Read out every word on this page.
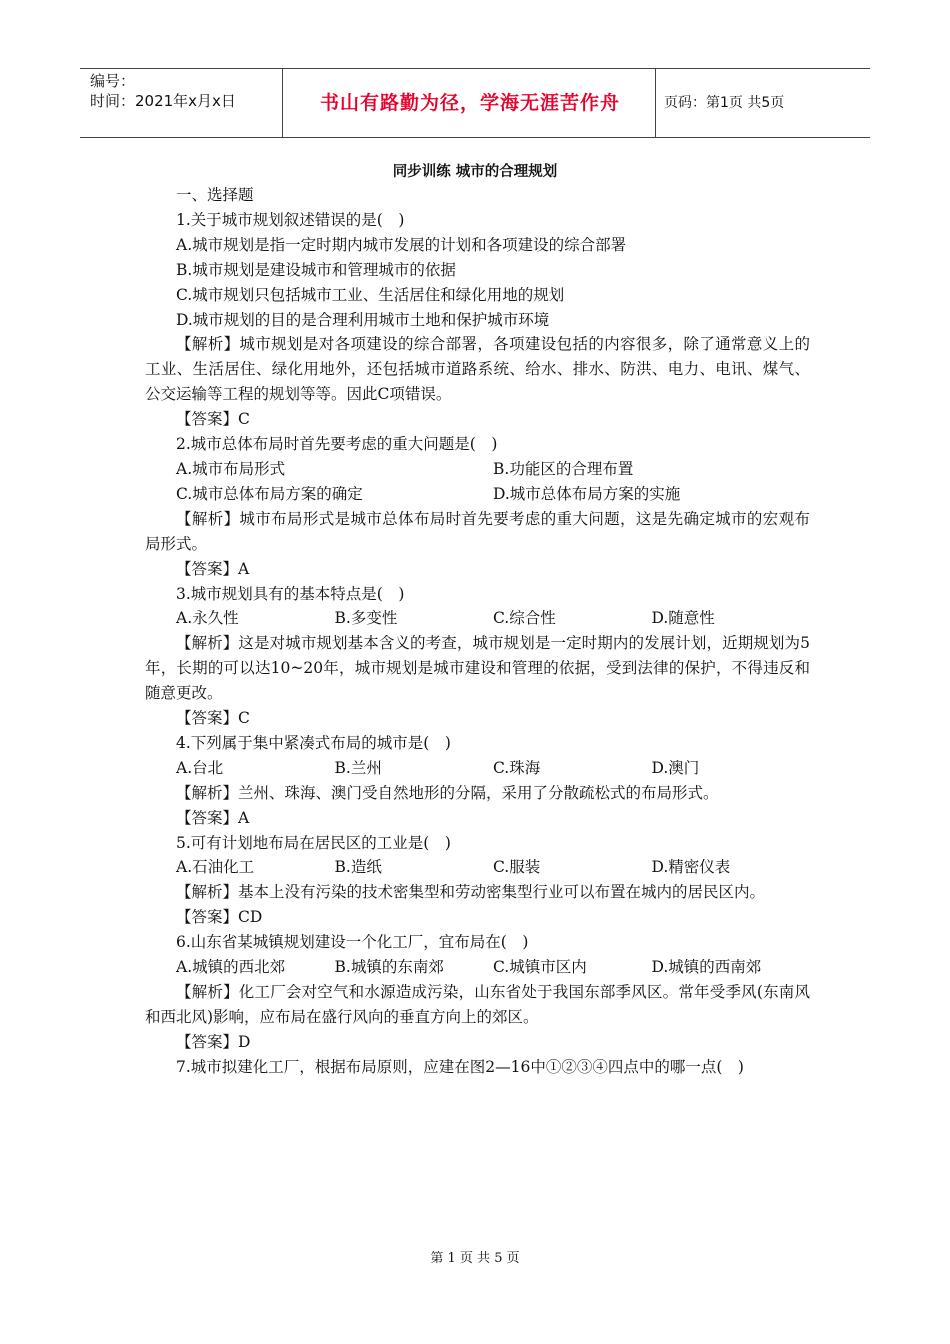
编号：
时间：2021年x月x日	书山有路勤为径，学海无涯苦作舟	页码：第1页 共5页
同步训练 城市的合理规划
一、选择题
1.关于城市规划叙述错误的是(　)
A.城市规划是指一定时期内城市发展的计划和各项建设的综合部署
B.城市规划是建设城市和管理城市的依据
C.城市规划只包括城市工业、生活居住和绿化用地的规划
D.城市规划的目的是合理利用城市土地和保护城市环境
【解析】城市规划是对各项建设的综合部署，各项建设包括的内容很多，除了通常意义上的工业、生活居住、绿化用地外，还包括城市道路系统、给水、排水、防洪、电力、电讯、煤气、公交运输等工程的规划等等。因此C项错误。
【答案】C
2.城市总体布局时首先要考虑的重大问题是(　)
A.城市布局形式	B.功能区的合理布置
C.城市总体布局方案的确定	D.城市总体布局方案的实施
【解析】城市布局形式是城市总体布局时首先要考虑的重大问题，这是先确定城市的宏观布局形式。
【答案】A
3.城市规划具有的基本特点是(　)
A.永久性	B.多变性	C.综合性	D.随意性
【解析】这是对城市规划基本含义的考查，城市规划是一定时期内的发展计划，近期规划为5年，长期的可以达10~20年，城市规划是城市建设和管理的依据，受到法律的保护，不得违反和随意更改。
【答案】C
4.下列属于集中紧凑式布局的城市是(　)
A.台北	B.兰州	C.珠海	D.澳门
【解析】兰州、珠海、澳门受自然地形的分隔，采用了分散疏松式的布局形式。
【答案】A
5.可有计划地布局在居民区的工业是(　)
A.石油化工	B.造纸	C.服装	D.精密仪表
【解析】基本上没有污染的技术密集型和劳动密集型行业可以布置在城内的居民区内。
【答案】CD
6.山东省某城镇规划建设一个化工厂，宜布局在(　)
A.城镇的西北郊	B.城镇的东南郊	C.城镇市区内	D.城镇的西南郊
【解析】化工厂会对空气和水源造成污染，山东省处于我国东部季风区。常年受季风(东南风和西北风)影响，应布局在盛行风向的垂直方向上的郊区。
【答案】D
7.城市拟建化工厂，根据布局原则，应建在图2—16中①②③④四点中的哪一点(　)
第 1 页 共 5 页
